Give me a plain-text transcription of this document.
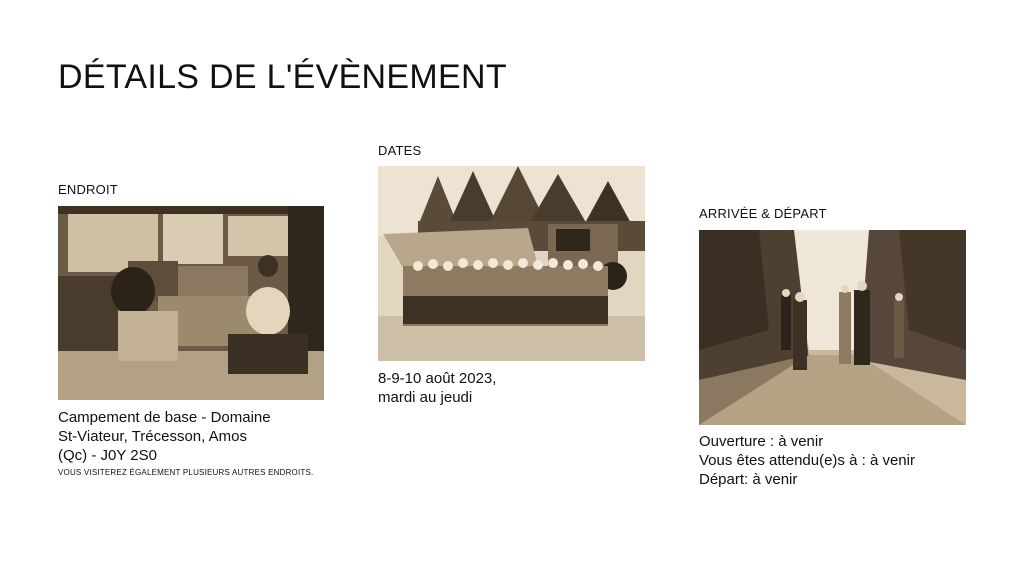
DÉTAILS DE L'ÉVÈNEMENT
ENDROIT
Campement de base - Domaine
St-Viateur, Trécesson, Amos
(Qc) - J0Y 2S0
VOUS VISITEREZ ÉGALEMENT PLUSIEURS AUTRES ENDROITS.
DATES
8-9-10 août 2023,
mardi au jeudi
ARRIVÉE & DÉPART
Ouverture : à venir
Vous êtes attendu(e)s à : à venir
Départ: à venir
